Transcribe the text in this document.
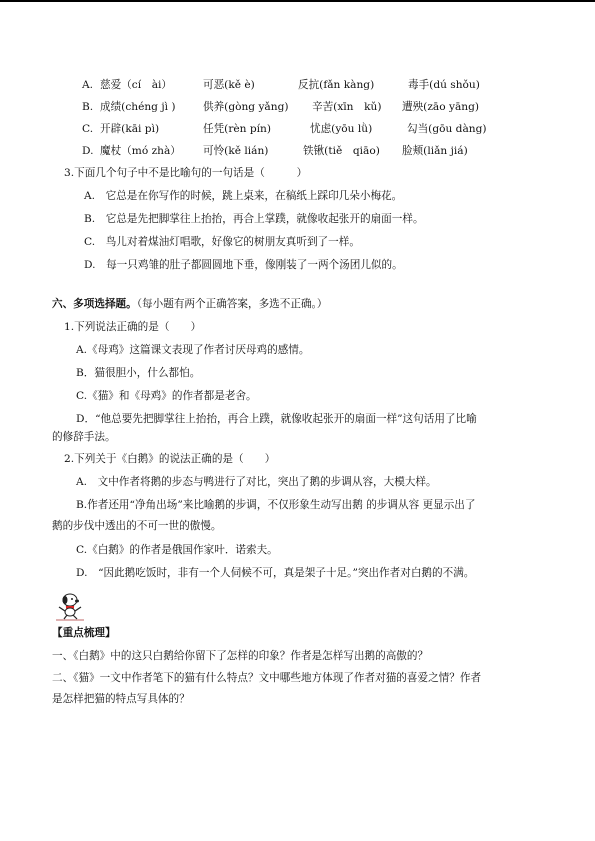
A. 慈爱（cí　ài）	可恶(kě è)	反抗(fǎn kàng)	毒手(dú shǒu)
B. 成绩(chéng jì )	供养(gòng yǎng) 辛苦(xīn　kǔ) 遭殃(zāo yāng)
C. 开辟(kāi pì)	任凭(rèn pín)	忧虑(yōu lǜ)	勾当(gōu dàng)
D. 魔杖（mó zhà） 可怜(kě lián)	铁锹(tiě　qiāo) 脸颊(liǎn jiá)
3.下面几个句子中不是比喻句的一句话是（　　　）
A.　它总是在你写作的时候，跳上桌来，在稿纸上踩印几朵小梅花。
B.　它总是先把脚掌往上抬抬，再合上掌蹼，就像收起张开的扇面一样。
C.　鸟儿对着煤油灯唱歌，好像它的树朋友真听到了一样。
D.　每一只鸡雏的肚子都圆圆地下垂，像刚装了一两个汤团儿似的。
六、多项选择题。（每小题有两个正确答案，多选不正确。）
1.下列说法正确的是（　　）
A.《母鸡》这篇课文表现了作者讨厌母鸡的感情。
B．猫很胆小，什么都怕。
C.《猫》和《母鸡》的作者都是老舍。
D．“他总要先把脚掌往上抬抬，再合上蹼，就像收起张开的扇面一样”这句话用了比喻
的修辞手法。
2.下列关于《白鹅》的说法正确的是（　　）
A.　文中作者将鹅的步态与鸭进行了对比，突出了鹅的步调从容，大模大样。
B.作者还用“净角出场”来比喻鹅的步调，不仅形象生动写出鹅 的步调从容 更显示出了
鹅的步伐中透出的不可一世的傲慢。
C.《白鹅》的作者是俄国作家叶．诺索夫。
D.　“因此鹅吃饭时，非有一个人伺候不可，真是架子十足。”突出作者对白鹅的不满。
【重点梳理】
一、《白鹅》中的这只白鹅给你留下了怎样的印象？作者是怎样写出鹅的高傲的？
二、《猫》一文中作者笔下的猫有什么特点？文中哪些地方体现了作者对猫的喜爱之情？作者
是怎样把猫的特点写具体的？
